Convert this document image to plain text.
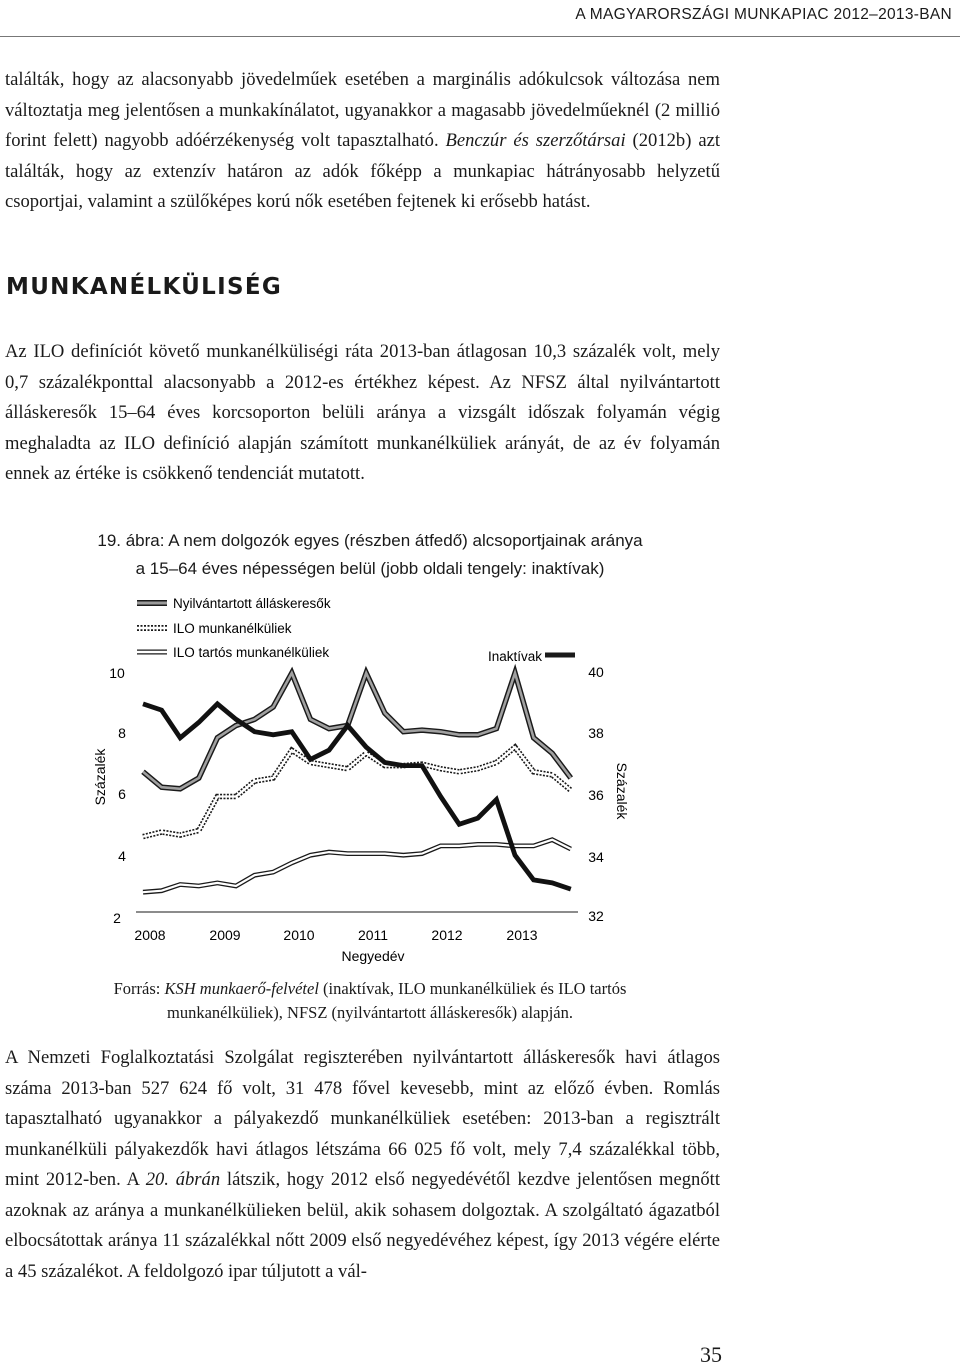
A MAGYARORSZÁGI MUNKAPIAC 2012–2013-BAN

találták, hogy az alacsonyabb jövedelműek esetében a marginális adókulcsok változása nem változtatja meg jelentősen a munkakínálatot, ugyanakkor a magasabb jövedelműeknél (2 millió forint felett) nagyobb adóérzékenység volt tapasztalható. Benczúr és szerzőtársai (2012b) azt találták, hogy az extenzív határon az adók főképp a munkapiac hátrányosabb helyzetű csoportjai, valamint a szülőképes korú nők esetében fejtenek ki erősebb hatást.

MUNKANÉLKÜLISÉG

Az ILO definíciót követő munkanélküliségi ráta 2013-ban átlagosan 10,3 százalék volt, mely 0,7 százalékponttal alacsonyabb a 2012-es értékhez képest. Az NFSZ által nyilvántartott álláskeresők 15–64 éves korcsoporton belüli aránya a vizsgált időszak folyamán végig meghaladta az ILO definíció alapján számított munkanélküliek arányát, de az év folyamán ennek az értéke is csökkenő tendenciát mutatott.

19. ábra: A nem dolgozók egyes (részben átfedő) alcsoportjainak aránya
a 15–64 éves népességen belül (jobb oldali tengely: inaktívak)
2
4
6
8
10
32
34
36
38
40
Százalék	Százalék
2008	2009	2010	2011	2012	2013
Negyedév
Nyilvántartott álláskeresők
ILO munkanélküliek
ILO tartós munkanélküliek	Inaktívak
Forrás: KSH munkaerő-felvétel (inaktívak, ILO munkanélküliek és ILO tartós munkanélküliek), NFSZ (nyilvántartott álláskeresők) alapján.

A Nemzeti Foglalkoztatási Szolgálat regiszterében nyilvántartott álláskeresők havi átlagos száma 2013-ban 527 624 fő volt, 31 478 fővel kevesebb, mint az előző évben. Romlás tapasztalható ugyanakkor a pályakezdő munkanélküliek esetében: 2013-ban a regisztrált munkanélküli pályakezdők havi átlagos létszáma 66 025 fő volt, mely 7,4 százalékkal több, mint 2012-ben. A 20. ábrán látszik, hogy 2012 első negyedévétől kezdve jelentősen megnőtt azoknak az aránya a munkanélkülieken belül, akik sohasem dolgoztak. A szolgáltató ágazatból elbocsátottak aránya 11 százalékkal nőtt 2009 első negyedévéhez képest, így 2013 végére elérte a 45 százalékot. A feldolgozó ipar túljutott a vál-

35
